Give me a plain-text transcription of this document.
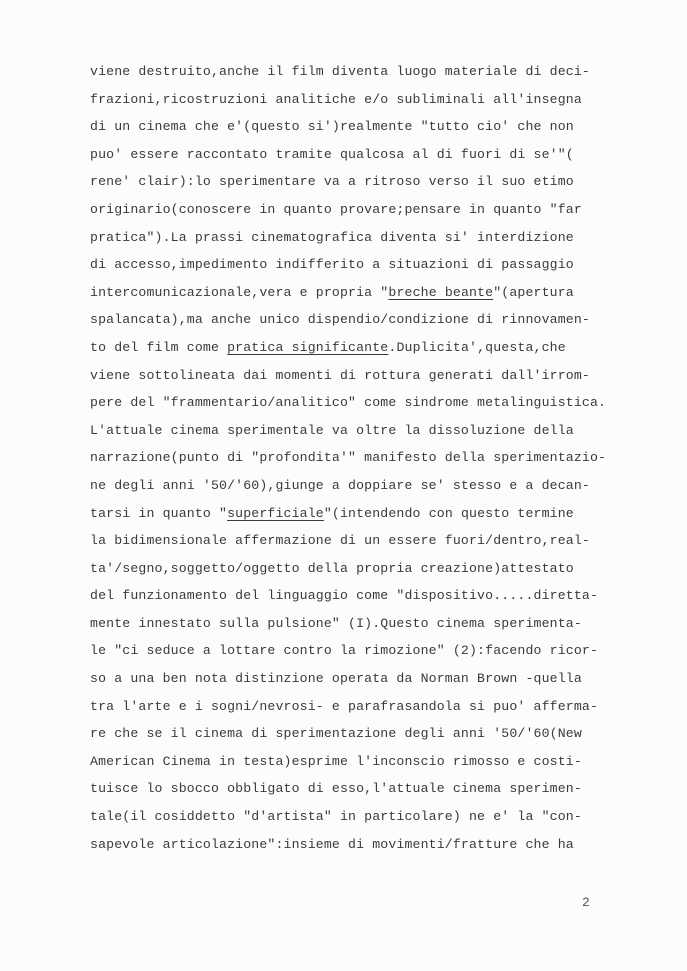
viene destruito,anche il film diventa luogo materiale di deci-
frazioni,ricostruzioni analitiche e/o subliminali all'insegna
di un cinema che e'(questo si')realmente "tutto cio' che non
puo' essere raccontato tramite qualcosa al di fuori di se'"(
rene' clair):lo sperimentare va a ritroso verso il suo etimo
originario(conoscere in quanto provare;pensare in quanto "far
pratica").La prassi cinematografica diventa si' interdizione
di accesso,impedimento indifferito a situazioni di passaggio
intercomunicazionale,vera e propria "breche beante"(apertura
spalancata),ma anche unico dispendio/condizione di rinnovamen-
to del film come pratica significante.Duplicita',questa,che
viene sottolineata dai momenti di rottura generati dall'irrom-
pere del "frammentario/analitico" come sindrome metalinguistica.
L'attuale cinema sperimentale va oltre la dissoluzione della
narrazione(punto di "profondita'" manifesto della sperimentazio-
ne degli anni '50/'60),giunge a doppiare se' stesso e a decan-
tarsi in quanto "superficiale"(intendendo con questo termine
la bidimensionale affermazione di un essere fuori/dentro,real-
ta'/segno,soggetto/oggetto della propria creazione)attestato
del funzionamento del linguaggio come "dispositivo.....diretta-
mente innestato sulla pulsione" (I).Questo cinema sperimenta-
le "ci seduce a lottare contro la rimozione" (2):facendo ricor-
so a una ben nota distinzione operata da Norman Brown -quella
tra l'arte e i sogni/nevrosi- e parafrasandola si puo' afferma-
re che se il cinema di sperimentazione degli anni '50/'60(New
American Cinema in testa)esprime l'inconscio rimosso e costi-
tuisce lo sbocco obbligato di esso,l'attuale cinema sperimen-
tale(il cosiddetto "d'artista" in particolare) ne e' la "con-
sapevole articolazione":insieme di movimenti/fratture che ha
2
